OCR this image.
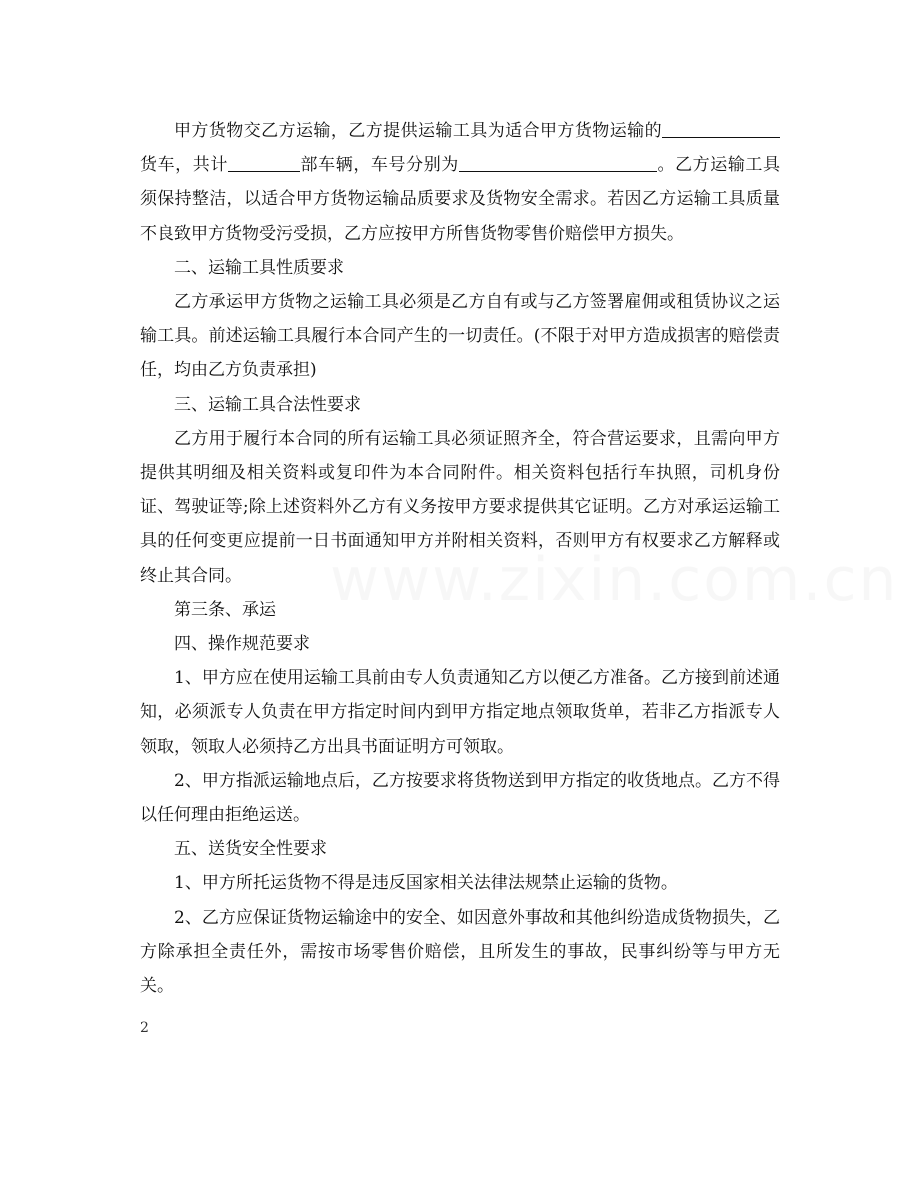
www.zixin.com.cn

甲方货物交乙方运输，乙方提供运输工具为适合甲方货物运输的货车，共计	部车辆，车号分别为	。乙方运输工具须保持整洁，以适合甲方货物运输品质要求及货物安全需求。若因乙方运输工具质量不良致甲方货物受污受损，乙方应按甲方所售货物零售价赔偿甲方损失。

二、运输工具性质要求

乙方承运甲方货物之运输工具必须是乙方自有或与乙方签署雇佣或租赁协议之运输工具。前述运输工具履行本合同产生的一切责任。(不限于对甲方造成损害的赔偿责任，均由乙方负责承担)

三、运输工具合法性要求

乙方用于履行本合同的所有运输工具必须证照齐全，符合营运要求，且需向甲方提供其明细及相关资料或复印件为本合同附件。相关资料包括行车执照，司机身份证、驾驶证等;除上述资料外乙方有义务按甲方要求提供其它证明。乙方对承运运输工具的任何变更应提前一日书面通知甲方并附相关资料，否则甲方有权要求乙方解释或终止其合同。

第三条、承运

四、操作规范要求

1、甲方应在使用运输工具前由专人负责通知乙方以便乙方准备。乙方接到前述通知，必须派专人负责在甲方指定时间内到甲方指定地点领取货单，若非乙方指派专人领取，领取人必须持乙方出具书面证明方可领取。

2、甲方指派运输地点后，乙方按要求将货物送到甲方指定的收货地点。乙方不得以任何理由拒绝运送。

五、送货安全性要求

1、甲方所托运货物不得是违反国家相关法律法规禁止运输的货物。

2、乙方应保证货物运输途中的安全、如因意外事故和其他纠纷造成货物损失，乙方除承担全责任外，需按市场零售价赔偿，且所发生的事故，民事纠纷等与甲方无关。

2
